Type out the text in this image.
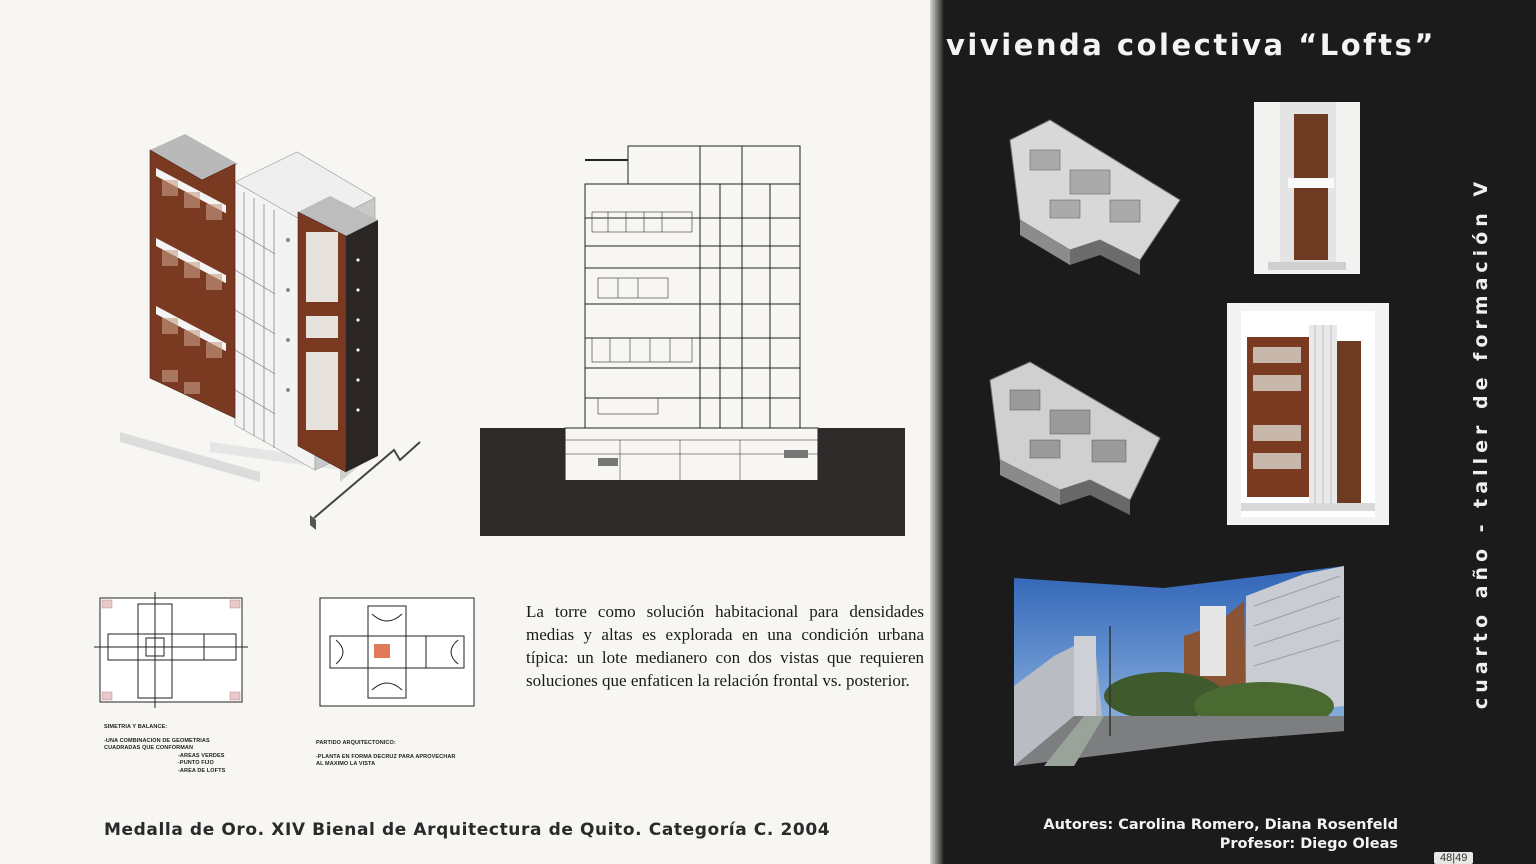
SIMETRIA Y BALANCE:
-UNA COMBINACION DE GEOMETRIAS
CUADRADAS QUE CONFORMAN
-AREAS VERDES
-PUNTO FIJO
-AREA DE LOFTS
PARTIDO ARQUITECTONICO:
-PLANTA EN FORMA DECRUZ PARA APROVECHAR
AL MAXIMO LA VISTA
La torre como solución habitacional para densidades medias y altas es explorada en una condición urbana típica: un lote medianero con dos vistas que requieren soluciones que enfaticen la relación frontal vs. posterior.
Medalla de Oro. XIV Bienal de Arquitectura de Quito. Categoría C. 2004
vivienda colectiva “Lofts”
cuarto año - taller de formación V
Autores: Carolina Romero, Diana Rosenfeld
Profesor: Diego Oleas
48|49
